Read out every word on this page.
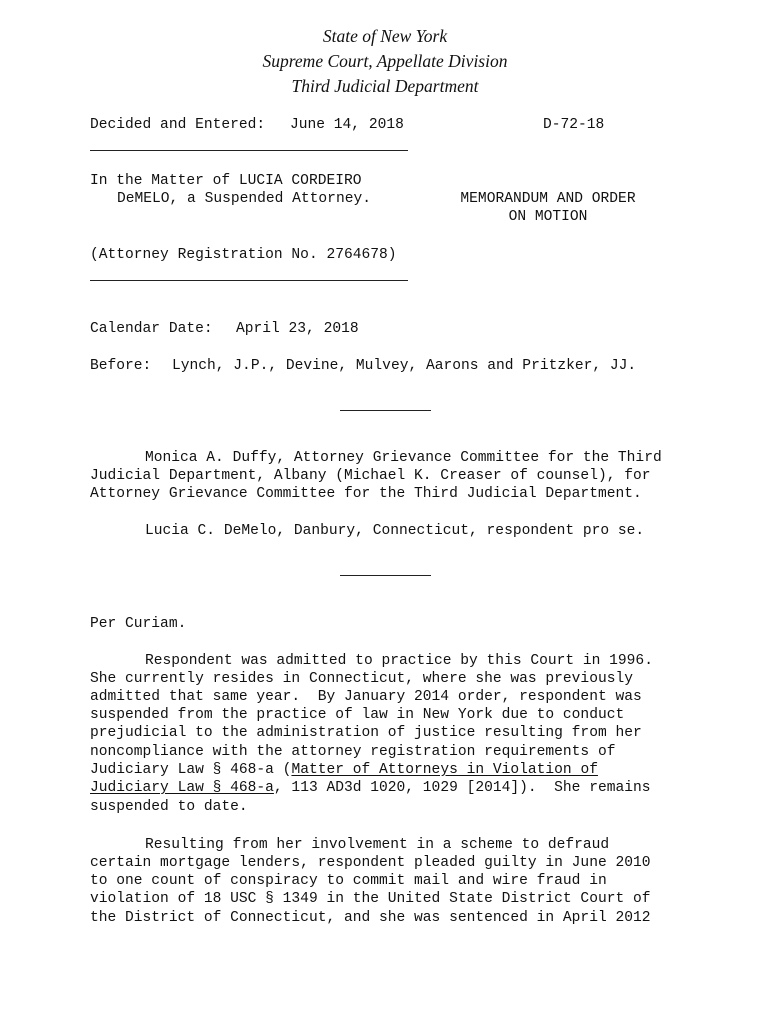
State of New York
Supreme Court, Appellate Division
Third Judicial Department
Decided and Entered: June 14, 2018	D-72-18
In the Matter of LUCIA CORDEIRO
DeMELO, a Suspended Attorney.	MEMORANDUM AND ORDER
ON MOTION
(Attorney Registration No. 2764678)
Calendar Date: April 23, 2018
Before: Lynch, J.P., Devine, Mulvey, Aarons and Pritzker, JJ.
Monica A. Duffy, Attorney Grievance Committee for the Third
Judicial Department, Albany (Michael K. Creaser of counsel), for
Attorney Grievance Committee for the Third Judicial Department.
Lucia C. DeMelo, Danbury, Connecticut, respondent pro se.
Per Curiam.
Respondent was admitted to practice by this Court in 1996.
She currently resides in Connecticut, where she was previously
admitted that same year.  By January 2014 order, respondent was
suspended from the practice of law in New York due to conduct
prejudicial to the administration of justice resulting from her
noncompliance with the attorney registration requirements of
Judiciary Law § 468-a (Matter of Attorneys in Violation of
Judiciary Law § 468-a, 113 AD3d 1020, 1029 [2014]).  She remains
suspended to date.
Resulting from her involvement in a scheme to defraud
certain mortgage lenders, respondent pleaded guilty in June 2010
to one count of conspiracy to commit mail and wire fraud in
violation of 18 USC § 1349 in the United State District Court of
the District of Connecticut, and she was sentenced in April 2012
